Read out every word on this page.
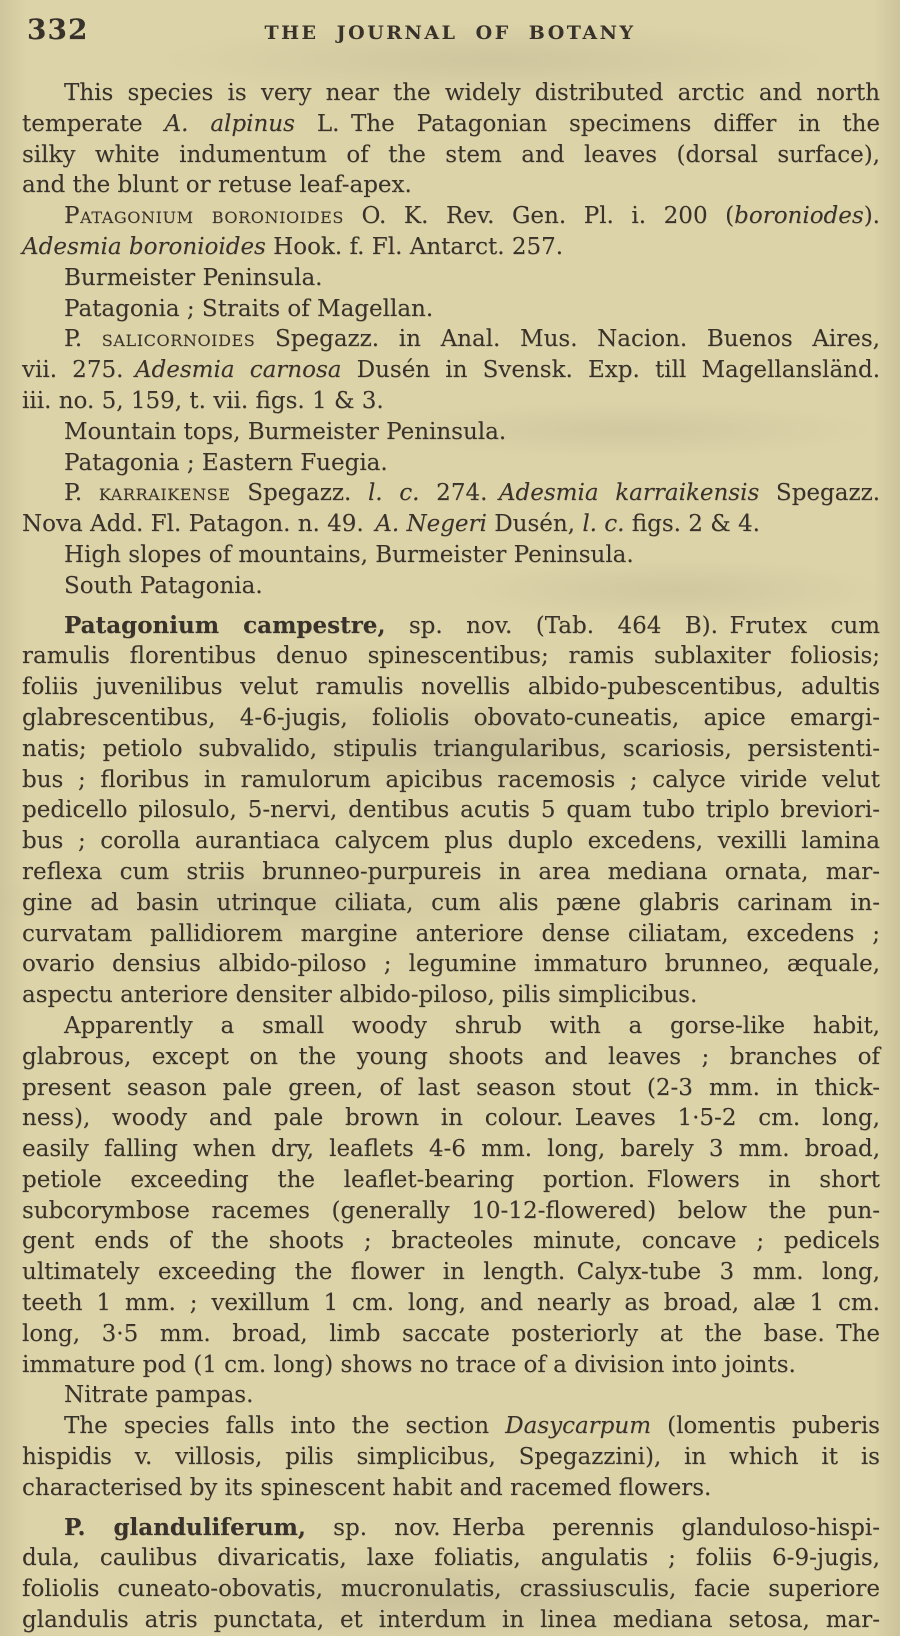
332	THE JOURNAL OF BOTANY
This species is very near the widely distributed arctic and north
temperate A. alpinus L. The Patagonian specimens differ in the
silky white indumentum of the stem and leaves (dorsal surface),
and the blunt or retuse leaf-apex.
Patagonium boronioides O. K. Rev. Gen. Pl. i. 200 (boroniodes).
Adesmia boronioides Hook. f. Fl. Antarct. 257.
Burmeister Peninsula.
Patagonia ; Straits of Magellan.
P. salicornoides Spegazz. in Anal. Mus. Nacion. Buenos Aires,
vii. 275. Adesmia carnosa Dusén in Svensk. Exp. till Magellansländ.
iii. no. 5, 159, t. vii. figs. 1 & 3.
Mountain tops, Burmeister Peninsula.
Patagonia ; Eastern Fuegia.
P. karraikense Spegazz. l. c. 274. Adesmia karraikensis Spegazz.
Nova Add. Fl. Patagon. n. 49. A. Negeri Dusén, l. c. figs. 2 & 4.
High slopes of mountains, Burmeister Peninsula.
South Patagonia.
Patagonium campestre, sp. nov. (Tab. 464 B). Frutex cum
ramulis florentibus denuo spinescentibus; ramis sublaxiter foliosis;
foliis juvenilibus velut ramulis novellis albido-pubescentibus, adultis
glabrescentibus, 4-6-jugis, foliolis obovato-cuneatis, apice emargi-
natis; petiolo subvalido, stipulis triangularibus, scariosis, persistenti-
bus ; floribus in ramulorum apicibus racemosis ; calyce viride velut
pedicello pilosulo, 5-nervi, dentibus acutis 5 quam tubo triplo breviori-
bus ; corolla aurantiaca calycem plus duplo excedens, vexilli lamina
reflexa cum striis brunneo-purpureis in area mediana ornata, mar-
gine ad basin utrinque ciliata, cum alis pæne glabris carinam in-
curvatam pallidiorem margine anteriore dense ciliatam, excedens ;
ovario densius albido-piloso ; legumine immaturo brunneo, æquale,
aspectu anteriore densiter albido-piloso, pilis simplicibus.
Apparently a small woody shrub with a gorse-like habit,
glabrous, except on the young shoots and leaves ; branches of
present season pale green, of last season stout (2-3 mm. in thick-
ness), woody and pale brown in colour. Leaves 1·5-2 cm. long,
easily falling when dry, leaflets 4-6 mm. long, barely 3 mm. broad,
petiole exceeding the leaflet-bearing portion. Flowers in short
subcorymbose racemes (generally 10-12-flowered) below the pun-
gent ends of the shoots ; bracteoles minute, concave ; pedicels
ultimately exceeding the flower in length. Calyx-tube 3 mm. long,
teeth 1 mm. ; vexillum 1 cm. long, and nearly as broad, alæ 1 cm.
long, 3·5 mm. broad, limb saccate posteriorly at the base. The
immature pod (1 cm. long) shows no trace of a division into joints.
Nitrate pampas.
The species falls into the section Dasycarpum (lomentis puberis
hispidis v. villosis, pilis simplicibus, Spegazzini), in which it is
characterised by its spinescent habit and racemed flowers.
P. glanduliferum, sp. nov. Herba perennis glanduloso-hispi-
dula, caulibus divaricatis, laxe foliatis, angulatis ; foliis 6-9-jugis,
foliolis cuneato-obovatis, mucronulatis, crassiusculis, facie superiore
glandulis atris punctata, et interdum in linea mediana setosa, mar-
